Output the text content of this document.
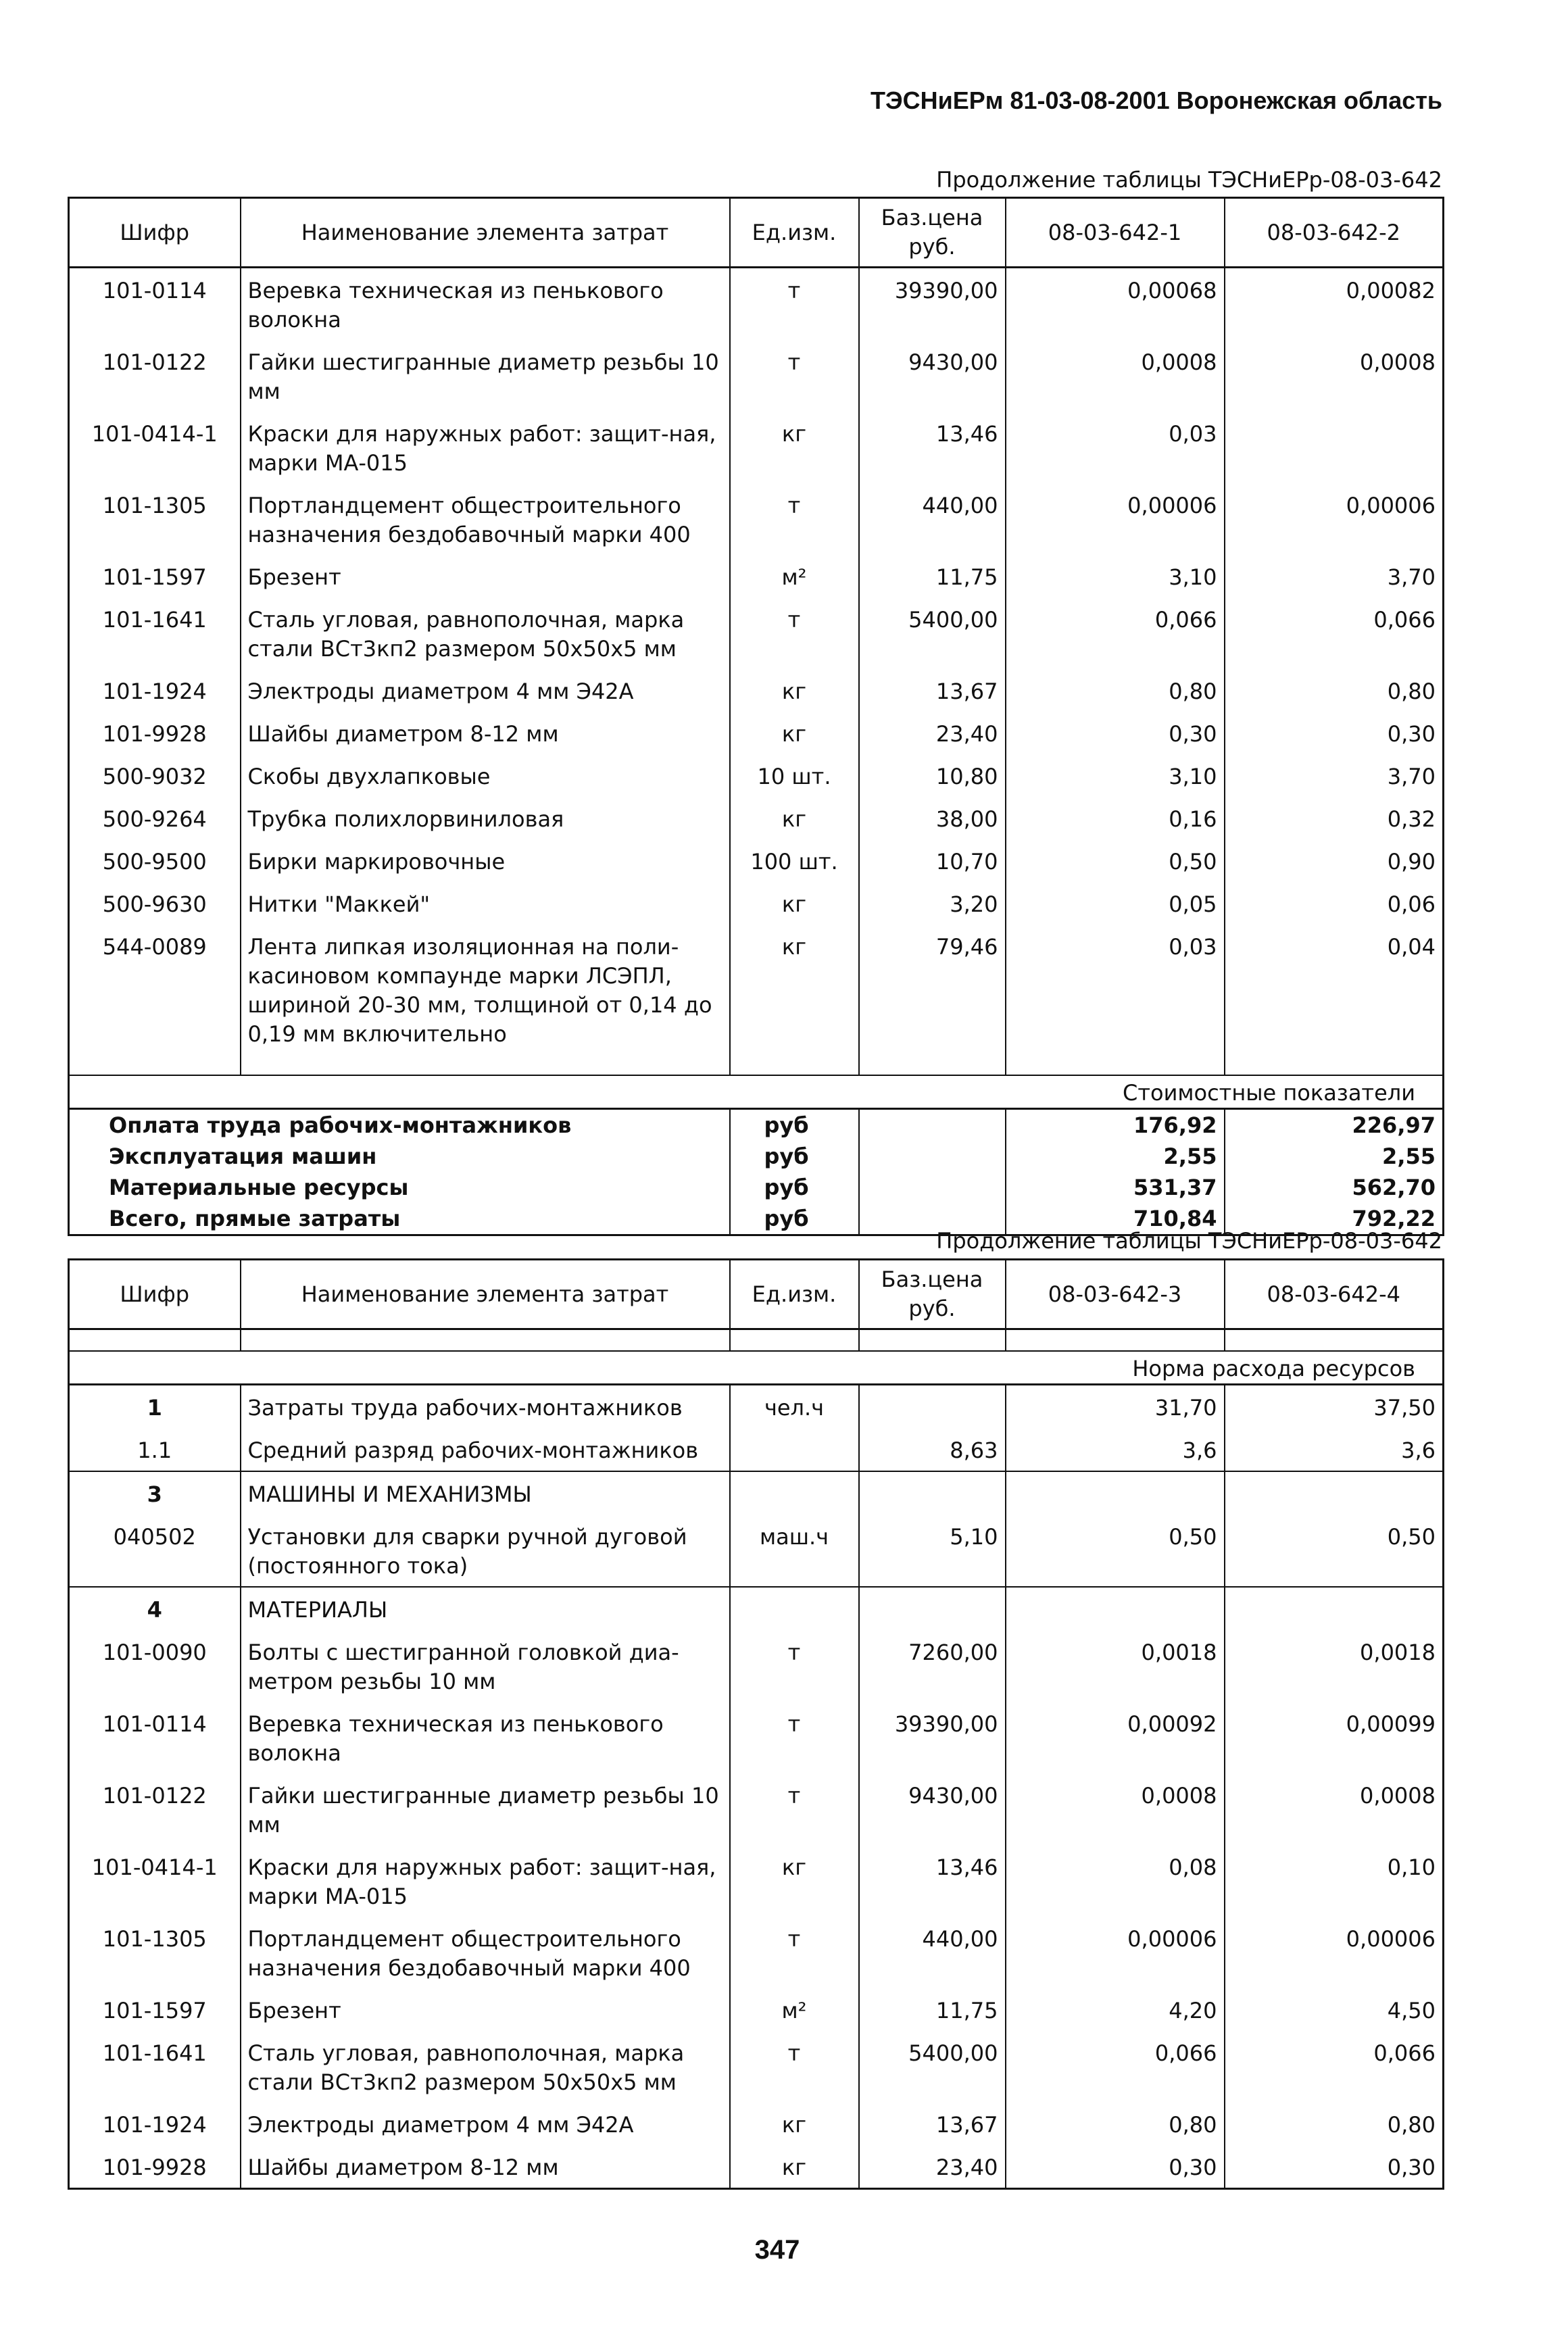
ТЭСНиЕРм 81-03-08-2001 Воронежская область
Продолжение таблицы ТЭСНиЕРр-08-03-642
Шифр	Наименование элемента затрат	Ед.изм.	Баз.цена руб.	08-03-642-1	08-03-642-2
101-0114	Веревка техническая из пенькового волокна	т	39390,00	0,00068	0,00082
101-0122	Гайки шестигранные диаметр резьбы 10 мм	т	9430,00	0,0008	0,0008
101-0414-1	Краски для наружных работ: защит-ная, марки МА-015	кг	13,46	0,03	
101-1305	Портландцемент общестроительного назначения бездобавочный марки 400	т	440,00	0,00006	0,00006
101-1597	Брезент	м²	11,75	3,10	3,70
101-1641	Сталь угловая, равнополочная, марка стали ВСт3кп2 размером 50х50х5 мм	т	5400,00	0,066	0,066
101-1924	Электроды диаметром 4 мм Э42А	кг	13,67	0,80	0,80
101-9928	Шайбы диаметром 8-12 мм	кг	23,40	0,30	0,30
500-9032	Скобы двухлапковые	10 шт.	10,80	3,10	3,70
500-9264	Трубка полихлорвиниловая	кг	38,00	0,16	0,32
500-9500	Бирки маркировочные	100 шт.	10,70	0,50	0,90
500-9630	Нитки "Маккей"	кг	3,20	0,05	0,06
544-0089	Лента липкая изоляционная на поли-касиновом компаунде марки ЛСЭПЛ, шириной 20-30 мм, толщиной от 0,14 до 0,19 мм включительно	кг	79,46	0,03	0,04

Стоимостные показатели					
Оплата труда рабочих-монтажников		руб		176,92	226,97
Эксплуатация машин		руб		2,55	2,55
Материальные ресурсы		руб		531,37	562,70
Всего, прямые затраты		руб		710,84	792,22
Продолжение таблицы ТЭСНиЕРр-08-03-642
Шифр	Наименование элемента затрат	Ед.изм.	Баз.цена руб.	08-03-642-3	08-03-642-4

Норма расхода ресурсов					
1	Затраты труда рабочих-монтажников	чел.ч		31,70	37,50
1.1	Средний разряд рабочих-монтажников		8,63	3,6	3,6
3	МАШИНЫ И МЕХАНИЗМЫ				
040502	Установки для сварки ручной дуговой (постоянного тока)	маш.ч	5,10	0,50	0,50
4	МАТЕРИАЛЫ				
101-0090	Болты с шестигранной головкой диа-метром резьбы 10 мм	т	7260,00	0,0018	0,0018
101-0114	Веревка техническая из пенькового волокна	т	39390,00	0,00092	0,00099
101-0122	Гайки шестигранные диаметр резьбы 10 мм	т	9430,00	0,0008	0,0008
101-0414-1	Краски для наружных работ: защит-ная, марки МА-015	кг	13,46	0,08	0,10
101-1305	Портландцемент общестроительного назначения бездобавочный марки 400	т	440,00	0,00006	0,00006
101-1597	Брезент	м²	11,75	4,20	4,50
101-1641	Сталь угловая, равнополочная, марка стали ВСт3кп2 размером 50х50х5 мм	т	5400,00	0,066	0,066
101-1924	Электроды диаметром 4 мм Э42А	кг	13,67	0,80	0,80
101-9928	Шайбы диаметром 8-12 мм	кг	23,40	0,30	0,30
347
